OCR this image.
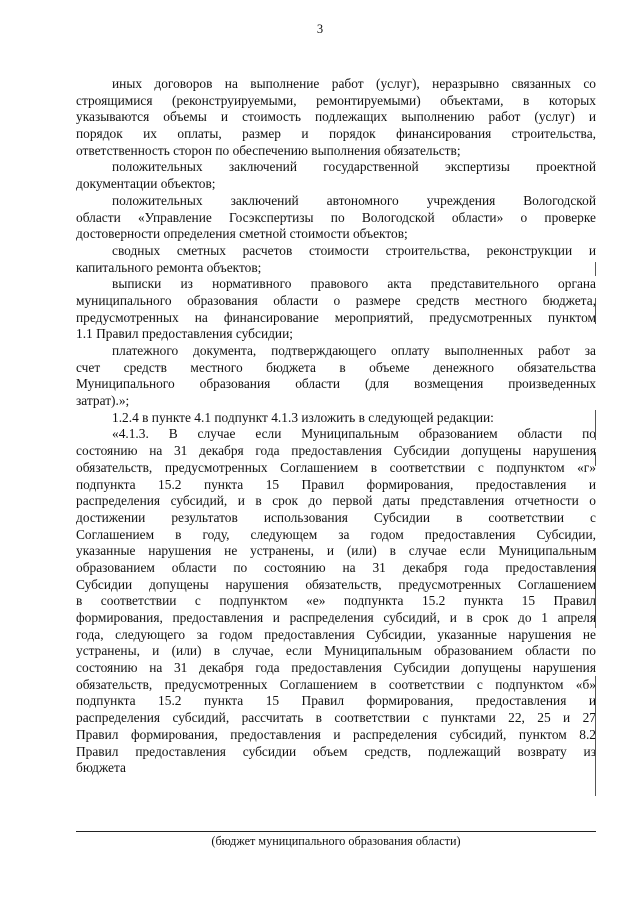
3
иных договоров на выполнение работ (услуг), неразрывно связанных со
строящимися (реконструируемыми, ремонтируемыми) объектами, в которых
указываются объемы и стоимость подлежащих выполнению работ (услуг) и
порядок их оплаты, размер и порядок финансирования строительства,
ответственность сторон по обеспечению выполнения обязательств;
положительных заключений государственной экспертизы проектной
документации объектов;
положительных заключений автономного учреждения Вологодской
области «Управление Госэкспертизы по Вологодской области» о проверке
достоверности определения сметной стоимости объектов;
сводных сметных расчетов стоимости строительства, реконструкции и
капитального ремонта объектов;
выписки из нормативного правового акта представительного органа
муниципального образования области о размере средств местного бюджета,
предусмотренных на финансирование мероприятий, предусмотренных пунктом
1.1 Правил предоставления субсидии;
платежного документа, подтверждающего оплату выполненных работ за
счет средств местного бюджета в объеме денежного обязательства
Муниципального образования области (для возмещения произведенных
затрат).»;
1.2.4 в пункте 4.1 подпункт 4.1.3 изложить в следующей редакции:
«4.1.3. В случае если Муниципальным образованием области по
состоянию на 31 декабря года предоставления Субсидии допущены нарушения
обязательств, предусмотренных Соглашением в соответствии с подпунктом «г»
подпункта 15.2 пункта 15 Правил формирования, предоставления и
распределения субсидий, и в срок до первой даты представления отчетности о
достижении результатов использования Субсидии в соответствии с
Соглашением в году, следующем за годом предоставления Субсидии,
указанные нарушения не устранены, и (или) в случае если Муниципальным
образованием области по состоянию на 31 декабря года предоставления
Субсидии допущены нарушения обязательств, предусмотренных Соглашением
в соответствии с подпунктом «е» подпункта 15.2 пункта 15 Правил
формирования, предоставления и распределения субсидий, и в срок до 1 апреля
года, следующего за годом предоставления Субсидии, указанные нарушения не
устранены, и (или) в случае, если Муниципальным образованием области по
состоянию на 31 декабря года предоставления Субсидии допущены нарушения
обязательств, предусмотренных Соглашением в соответствии с подпунктом «б»
подпункта 15.2 пункта 15 Правил формирования, предоставления и
распределения субсидий, рассчитать в соответствии с пунктами 22, 25 и 27
Правил формирования, предоставления и распределения субсидий, пунктом 8.2
Правил предоставления субсидии объем средств, подлежащий возврату из
бюджета
(бюджет муниципального образования области)
